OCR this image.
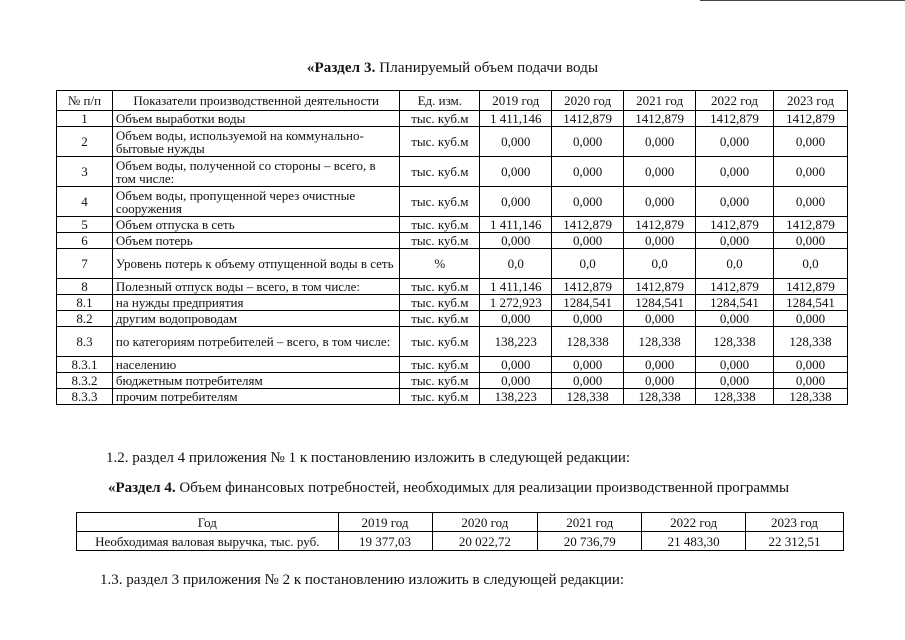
«Раздел 3. Планируемый объем подачи воды
№ п/п	Показатели производственной деятельности	Ед. изм.	2019 год	2020 год	2021 год	2022 год	2023 год
1	Объем выработки воды	тыс. куб.м	1 411,146	1412,879	1412,879	1412,879	1412,879
2	Объем воды, используемой на коммунально-бытовые нужды	тыс. куб.м	0,000	0,000	0,000	0,000	0,000
3	Объем воды, полученной со стороны – всего, в том числе:	тыс. куб.м	0,000	0,000	0,000	0,000	0,000
4	Объем воды, пропущенной через очистные сооружения	тыс. куб.м	0,000	0,000	0,000	0,000	0,000
5	Объем отпуска в сеть	тыс. куб.м	1 411,146	1412,879	1412,879	1412,879	1412,879
6	Объем потерь	тыс. куб.м	0,000	0,000	0,000	0,000	0,000
7	Уровень потерь к объему отпущенной воды в сеть	%	0,0	0,0	0,0	0,0	0,0
8	Полезный отпуск воды – всего, в том числе:	тыс. куб.м	1 411,146	1412,879	1412,879	1412,879	1412,879
8.1	на нужды предприятия	тыс. куб.м	1 272,923	1284,541	1284,541	1284,541	1284,541
8.2	другим водопроводам	тыс. куб.м	0,000	0,000	0,000	0,000	0,000
8.3	по категориям потребителей – всего, в том числе:	тыс. куб.м	138,223	128,338	128,338	128,338	128,338
8.3.1	населению	тыс. куб.м	0,000	0,000	0,000	0,000	0,000
8.3.2	бюджетным потребителям	тыс. куб.м	0,000	0,000	0,000	0,000	0,000
8.3.3	прочим потребителям	тыс. куб.м	138,223	128,338	128,338	128,338	128,338
1.2. раздел 4 приложения № 1 к постановлению изложить в следующей редакции:
«Раздел 4. Объем финансовых потребностей, необходимых для реализации производственной программы
Год	2019 год	2020 год	2021 год	2022 год	2023 год
Необходимая валовая выручка, тыс. руб.	19 377,03	20 022,72	20 736,79	21 483,30	22 312,51
1.3. раздел 3 приложения № 2 к постановлению изложить в следующей редакции:
